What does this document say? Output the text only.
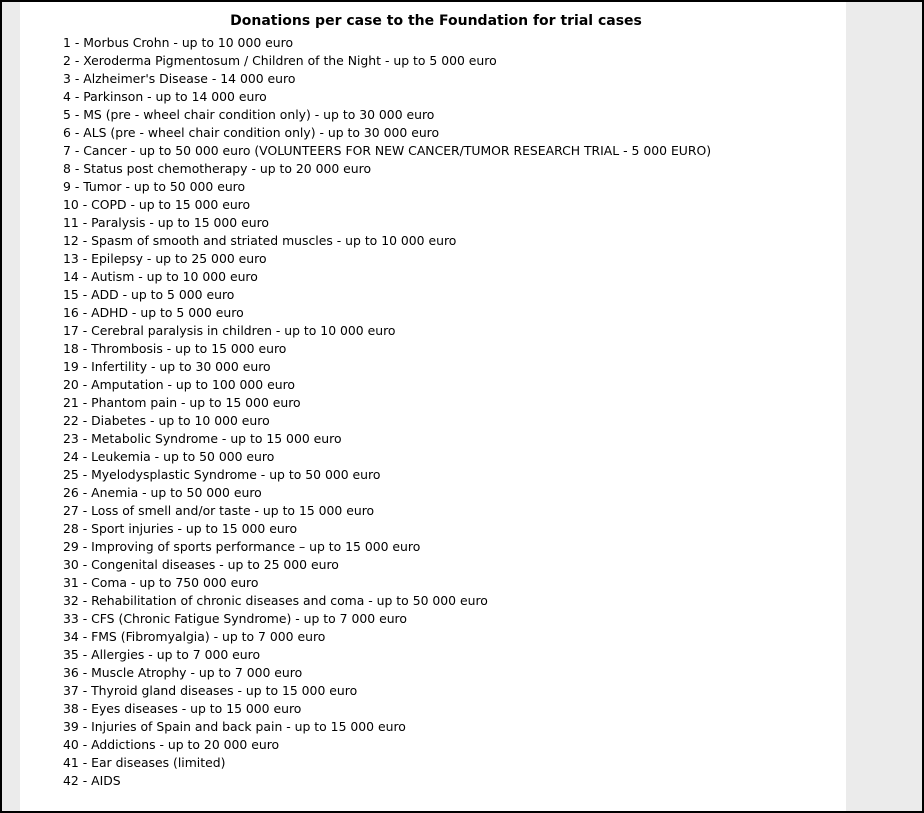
Donations per case to the Foundation for trial cases
1 - Morbus Crohn - up to 10 000 euro
2 - Xeroderma Pigmentosum / Children of the Night - up to 5 000 euro
3 - Alzheimer's Disease - 14 000 euro
4 - Parkinson - up to 14 000 euro
5 - MS (pre - wheel chair condition only) - up to 30 000 euro
6 - ALS (pre - wheel chair condition only) - up to 30 000 euro
7 - Cancer - up to 50 000 euro (VOLUNTEERS FOR NEW CANCER/TUMOR RESEARCH TRIAL - 5 000 EURO)
8 - Status post chemotherapy - up to 20 000 euro
9 - Tumor - up to 50 000 euro
10 - COPD - up to 15 000 euro
11 - Paralysis - up to 15 000 euro
12 - Spasm of smooth and striated muscles - up to 10 000 euro
13 - Epilepsy - up to 25 000 euro
14 - Autism - up to 10 000 euro
15 - ADD - up to 5 000 euro
16 - ADHD - up to 5 000 euro
17 - Cerebral paralysis in children - up to 10 000 euro
18 - Thrombosis - up to 15 000 euro
19 - Infertility - up to 30 000 euro
20 - Amputation - up to 100 000 euro
21 - Phantom pain - up to 15 000 euro
22 - Diabetes - up to 10 000 euro
23 - Metabolic Syndrome - up to 15 000 euro
24 - Leukemia - up to 50 000 euro
25 - Myelodysplastic Syndrome - up to 50 000 euro
26 - Anemia - up to 50 000 euro
27 - Loss of smell and/or taste - up to 15 000 euro
28 - Sport injuries - up to 15 000 euro
29 - Improving of sports performance – up to 15 000 euro
30 - Congenital diseases - up to 25 000 euro
31 - Coma - up to 750 000 euro
32 - Rehabilitation of chronic diseases and coma - up to 50 000 euro
33 - CFS (Chronic Fatigue Syndrome) - up to 7 000 euro
34 - FMS (Fibromyalgia) - up to 7 000 euro
35 - Allergies - up to 7 000 euro
36 - Muscle Atrophy - up to 7 000 euro
37 - Thyroid gland diseases - up to 15 000 euro
38 - Eyes diseases - up to 15 000 euro
39 - Injuries of Spain and back pain - up to 15 000 euro
40 - Addictions - up to 20 000 euro
41 - Ear diseases (limited)
42 - AIDS
